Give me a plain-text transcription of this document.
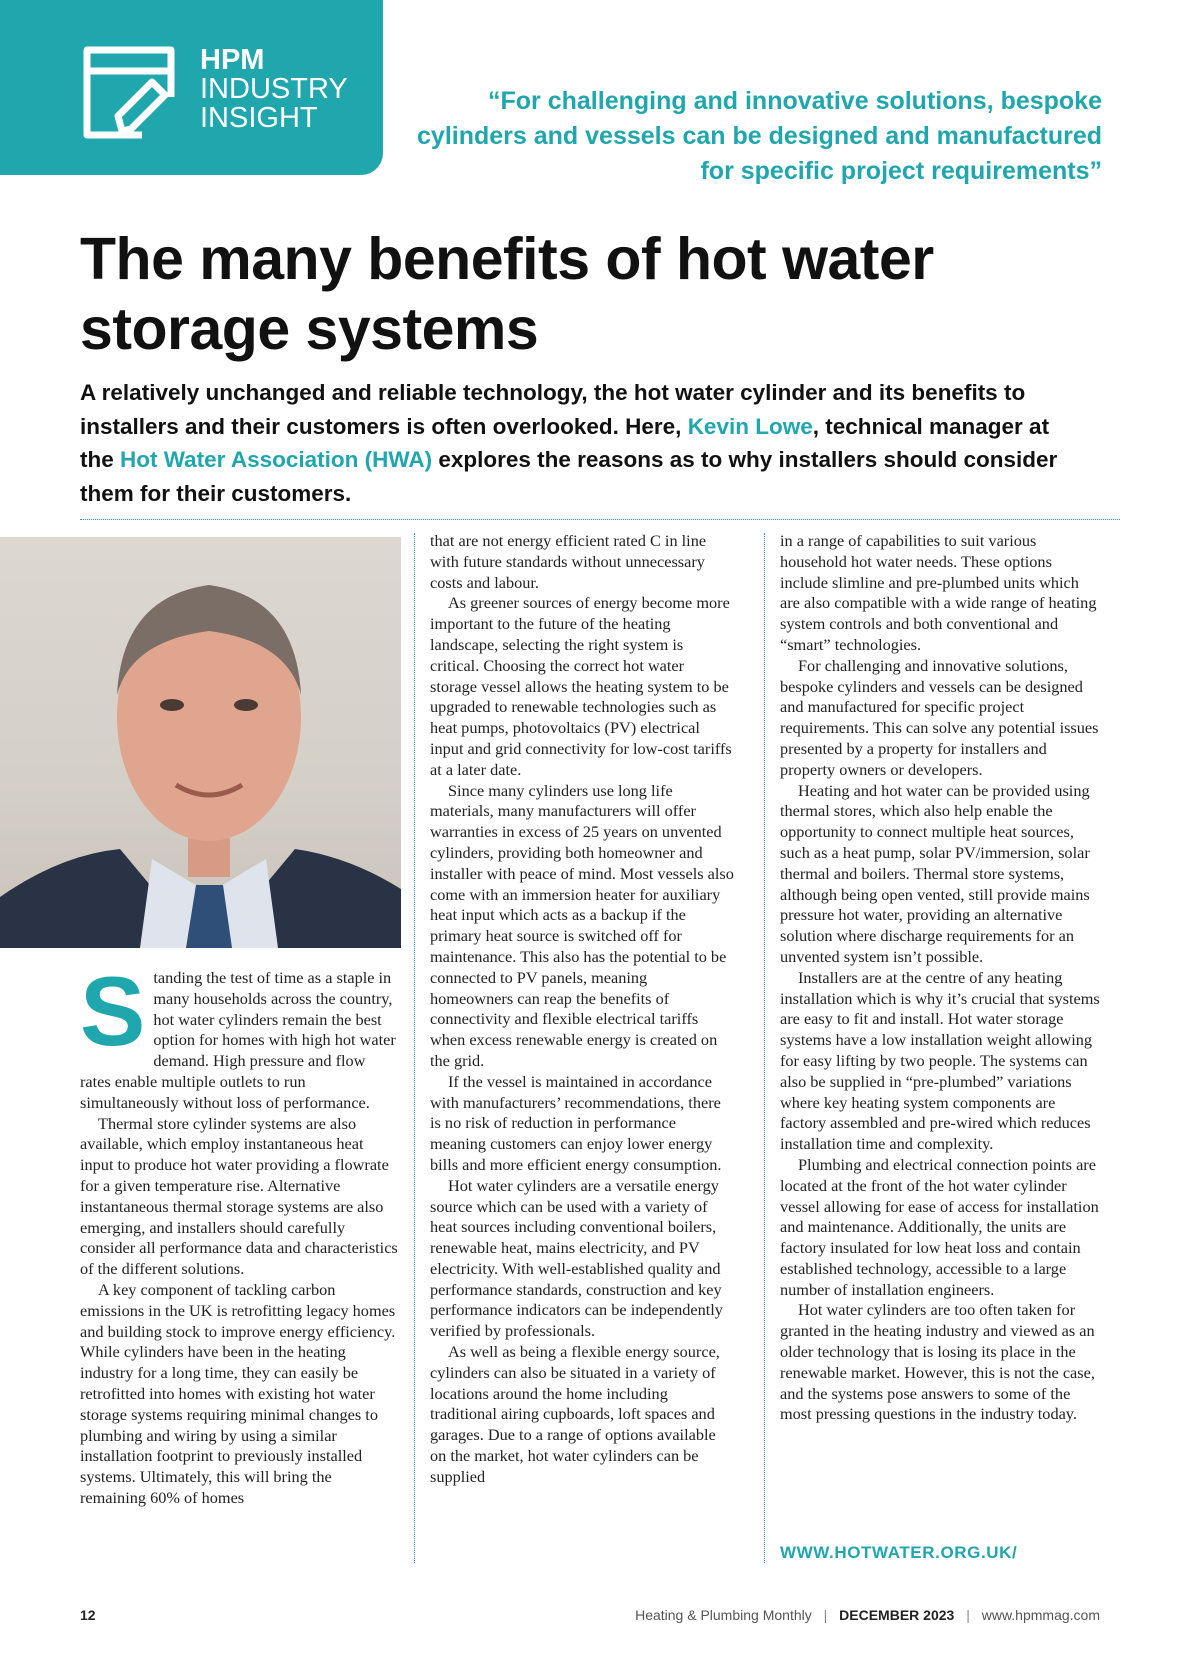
HPM
INDUSTRY
INSIGHT
“For challenging and innovative solutions, bespoke
cylinders and vessels can be designed and manufactured
for specific project requirements”
The many benefits of hot water
storage systems

A relatively unchanged and reliable technology, the hot water cylinder and its benefits to installers and their customers is often overlooked. Here, Kevin Lowe, technical manager at the Hot Water Association (HWA) explores the reasons as to why installers should consider them for their customers.

S tanding the test of time as a staple in many households across the country, hot water cylinders remain the best option for homes with high hot water demand. High pressure and flow rates enable multiple outlets to run simultaneously without loss of performance.

Thermal store cylinder systems are also available, which employ instantaneous heat input to produce hot water providing a flowrate for a given temperature rise. Alternative instantaneous thermal storage systems are also emerging, and installers should carefully consider all performance data and characteristics of the different solutions.

A key component of tackling carbon emissions in the UK is retrofitting legacy homes and building stock to improve energy efficiency. While cylinders have been in the heating industry for a long time, they can easily be retrofitted into homes with existing hot water storage systems requiring minimal changes to plumbing and wiring by using a similar installation footprint to previously installed systems. Ultimately, this will bring the remaining 60% of homes

that are not energy efficient rated C in line with future standards without unnecessary costs and labour.

As greener sources of energy become more important to the future of the heating landscape, selecting the right system is critical. Choosing the correct hot water storage vessel allows the heating system to be upgraded to renewable technologies such as heat pumps, photovoltaics (PV) electrical input and grid connectivity for low-cost tariffs at a later date.

Since many cylinders use long life materials, many manufacturers will offer warranties in excess of 25 years on unvented cylinders, providing both homeowner and installer with peace of mind. Most vessels also come with an immersion heater for auxiliary heat input which acts as a backup if the primary heat source is switched off for maintenance. This also has the potential to be connected to PV panels, meaning homeowners can reap the benefits of connectivity and flexible electrical tariffs when excess renewable energy is created on the grid.

If the vessel is maintained in accordance with manufacturers’ recommendations, there is no risk of reduction in performance meaning customers can enjoy lower energy bills and more efficient energy consumption.

Hot water cylinders are a versatile energy source which can be used with a variety of heat sources including conventional boilers, renewable heat, mains electricity, and PV electricity. With well-established quality and performance standards, construction and key performance indicators can be independently verified by professionals.

As well as being a flexible energy source, cylinders can also be situated in a variety of locations around the home including traditional airing cupboards, loft spaces and garages. Due to a range of options available on the market, hot water cylinders can be supplied

in a range of capabilities to suit various household hot water needs. These options include slimline and pre-plumbed units which are also compatible with a wide range of heating system controls and both conventional and “smart” technologies.

For challenging and innovative solutions, bespoke cylinders and vessels can be designed and manufactured for specific project requirements. This can solve any potential issues presented by a property for installers and property owners or developers.

Heating and hot water can be provided using thermal stores, which also help enable the opportunity to connect multiple heat sources, such as a heat pump, solar PV/immersion, solar thermal and boilers. Thermal store systems, although being open vented, still provide mains pressure hot water, providing an alternative solution where discharge requirements for an unvented system isn’t possible.

Installers are at the centre of any heating installation which is why it’s crucial that systems are easy to fit and install. Hot water storage systems have a low installation weight allowing for easy lifting by two people. The systems can also be supplied in “pre-plumbed” variations where key heating system components are factory assembled and pre-wired which reduces installation time and complexity.

Plumbing and electrical connection points are located at the front of the hot water cylinder vessel allowing for ease of access for installation and maintenance. Additionally, the units are factory insulated for low heat loss and contain established technology, accessible to a large number of installation engineers.

Hot water cylinders are too often taken for granted in the heating industry and viewed as an older technology that is losing its place in the renewable market. However, this is not the case, and the systems pose answers to some of the most pressing questions in the industry today.

WWW.HOTWATER.ORG.UK/
12	Heating & Plumbing Monthly | DECEMBER 2023 | www.hpmmag.com
